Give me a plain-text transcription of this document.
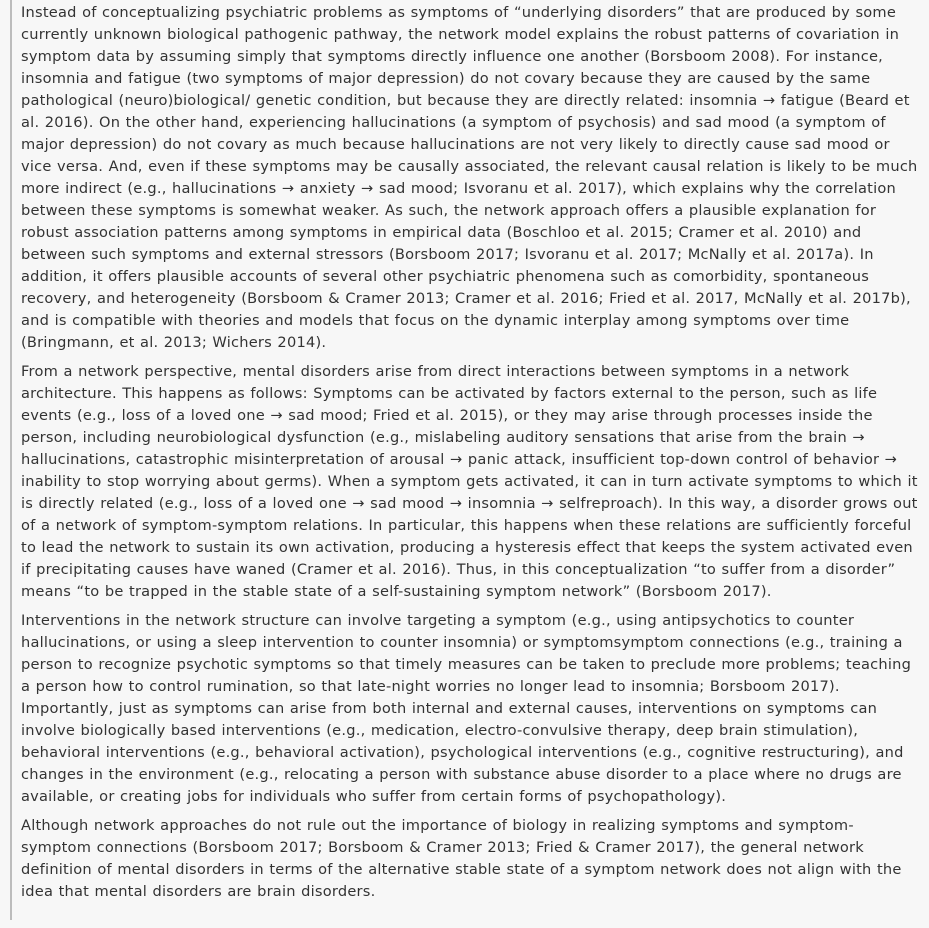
Instead of conceptualizing psychiatric problems as symptoms of “underlying disorders” that are produced by some currently unknown biological pathogenic pathway, the network model explains the robust patterns of covariation in symptom data by assuming simply that symptoms directly influence one another (Borsboom 2008). For instance, insomnia and fatigue (two symptoms of major depression) do not covary because they are caused by the same pathological (neuro)biological/ genetic condition, but because they are directly related: insomnia → fatigue (Beard et al. 2016). On the other hand, experiencing hallucinations (a symptom of psychosis) and sad mood (a symptom of major depression) do not covary as much because hallucinations are not very likely to directly cause sad mood or vice versa. And, even if these symptoms may be causally associated, the relevant causal relation is likely to be much more indirect (e.g., hallucinations → anxiety → sad mood; Isvoranu et al. 2017), which explains why the correlation between these symptoms is somewhat weaker. As such, the network approach offers a plausible explanation for robust association patterns among symptoms in empirical data (Boschloo et al. 2015; Cramer et al. 2010) and between such symptoms and external stressors (Borsboom 2017; Isvoranu et al. 2017; McNally et al. 2017a). In addition, it offers plausible accounts of several other psychiatric phenomena such as comorbidity, spontaneous recovery, and heterogeneity (Borsboom & Cramer 2013; Cramer et al. 2016; Fried et al. 2017, McNally et al. 2017b), and is compatible with theories and models that focus on the dynamic interplay among symptoms over time (Bringmann, et al. 2013; Wichers 2014).

From a network perspective, mental disorders arise from direct interactions between symptoms in a network architecture. This happens as follows: Symptoms can be activated by factors external to the person, such as life events (e.g., loss of a loved one → sad mood; Fried et al. 2015), or they may arise through processes inside the person, including neurobiological dysfunction (e.g., mislabeling auditory sensations that arise from the brain → hallucinations, catastrophic misinterpretation of arousal → panic attack, insufficient top-down control of behavior → inability to stop worrying about germs). When a symptom gets activated, it can in turn activate symptoms to which it is directly related (e.g., loss of a loved one → sad mood → insomnia → selfreproach). In this way, a disorder grows out of a network of symptom-symptom relations. In particular, this happens when these relations are sufficiently forceful to lead the network to sustain its own activation, producing a hysteresis effect that keeps the system activated even if precipitating causes have waned (Cramer et al. 2016). Thus, in this conceptualization “to suffer from a disorder” means “to be trapped in the stable state of a self-sustaining symptom network” (Borsboom 2017).

Interventions in the network structure can involve targeting a symptom (e.g., using antipsychotics to counter hallucinations, or using a sleep intervention to counter insomnia) or symptomsymptom connections (e.g., training a person to recognize psychotic symptoms so that timely measures can be taken to preclude more problems; teaching a person how to control rumination, so that late-night worries no longer lead to insomnia; Borsboom 2017). Importantly, just as symptoms can arise from both internal and external causes, interventions on symptoms can involve biologically based interventions (e.g., medication, electro-convulsive therapy, deep brain stimulation), behavioral interventions (e.g., behavioral activation), psychological interventions (e.g., cognitive restructuring), and changes in the environment (e.g., relocating a person with substance abuse disorder to a place where no drugs are available, or creating jobs for individuals who suffer from certain forms of psychopathology).

Although network approaches do not rule out the importance of biology in realizing symptoms and symptom-symptom connections (Borsboom 2017; Borsboom & Cramer 2013; Fried & Cramer 2017), the general network definition of mental disorders in terms of the alternative stable state of a symptom network does not align with the idea that mental disorders are brain disorders.
